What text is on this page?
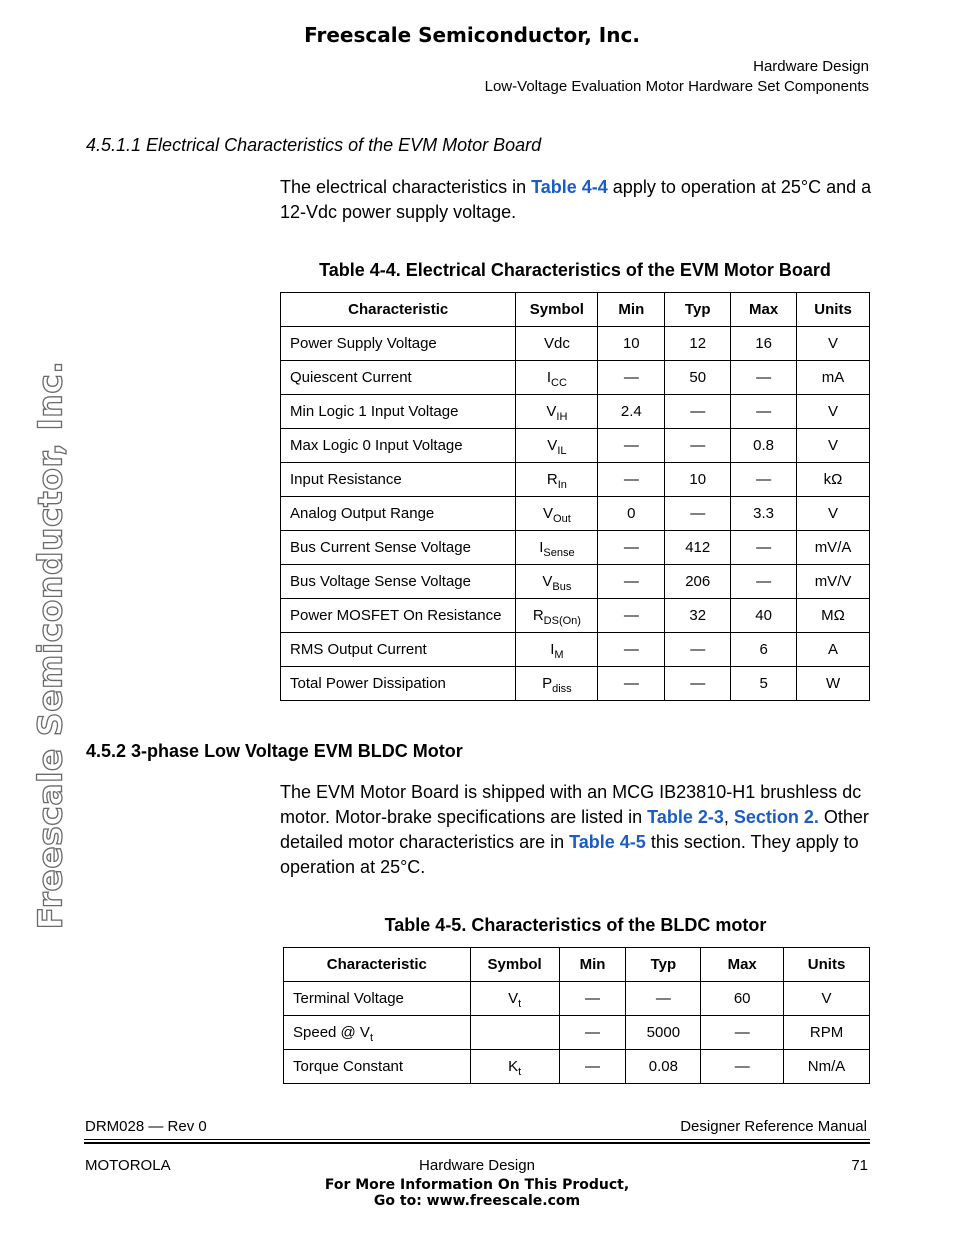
Freescale Semiconductor, Inc.
Hardware Design
Low-Voltage Evaluation Motor Hardware Set Components
Freescale Semiconductor, Inc.
4.5.1.1 Electrical Characteristics of the EVM Motor Board
The electrical characteristics in Table 4-4 apply to operation at 25°C and a 12-Vdc power supply voltage.
Table 4-4. Electrical Characteristics of the EVM Motor Board
Characteristic	Symbol	Min	Typ	Max	Units
Power Supply Voltage	Vdc	10	12	16	V
Quiescent Current	$I_{CC}$	—	50	—	mA
Min Logic 1 Input Voltage	$V_{IH}$	2.4	—	—	V
Max Logic 0 Input Voltage	$V_{IL}$	—	—	0.8	V
Input Resistance	$R_{In}$	—	10	—	kΩ
Analog Output Range	$V_{Out}$	0	—	3.3	V
Bus Current Sense Voltage	$I_{Sense}$	—	412	—	mV/A
Bus Voltage Sense Voltage	$V_{Bus}$	—	206	—	mV/V
Power MOSFET On Resistance	$R_{DS(On)}$	—	32	40	MΩ
RMS Output Current	$I_M$	—	—	6	A
Total Power Dissipation	$P_{diss}$	—	—	5	W
4.5.2 3-phase Low Voltage EVM BLDC Motor
The EVM Motor Board is shipped with an MCG IB23810-H1 brushless dc motor. Motor-brake specifications are listed in Table 2-3, Section 2. Other detailed motor characteristics are in Table 4-5 this section. They apply to operation at 25°C.
Table 4-5. Characteristics of the BLDC motor
Characteristic	Symbol	Min	Typ	Max	Units
Terminal Voltage	$V_t$	—	—	60	V
Speed @ $V_t$		—	5000	—	RPM
Torque Constant	$K_t$	—	0.08	—	Nm/A
DRM028 — Rev 0	Designer Reference Manual
MOTOROLA	Hardware Design	71
For More Information On This Product,
Go to: www.freescale.com
